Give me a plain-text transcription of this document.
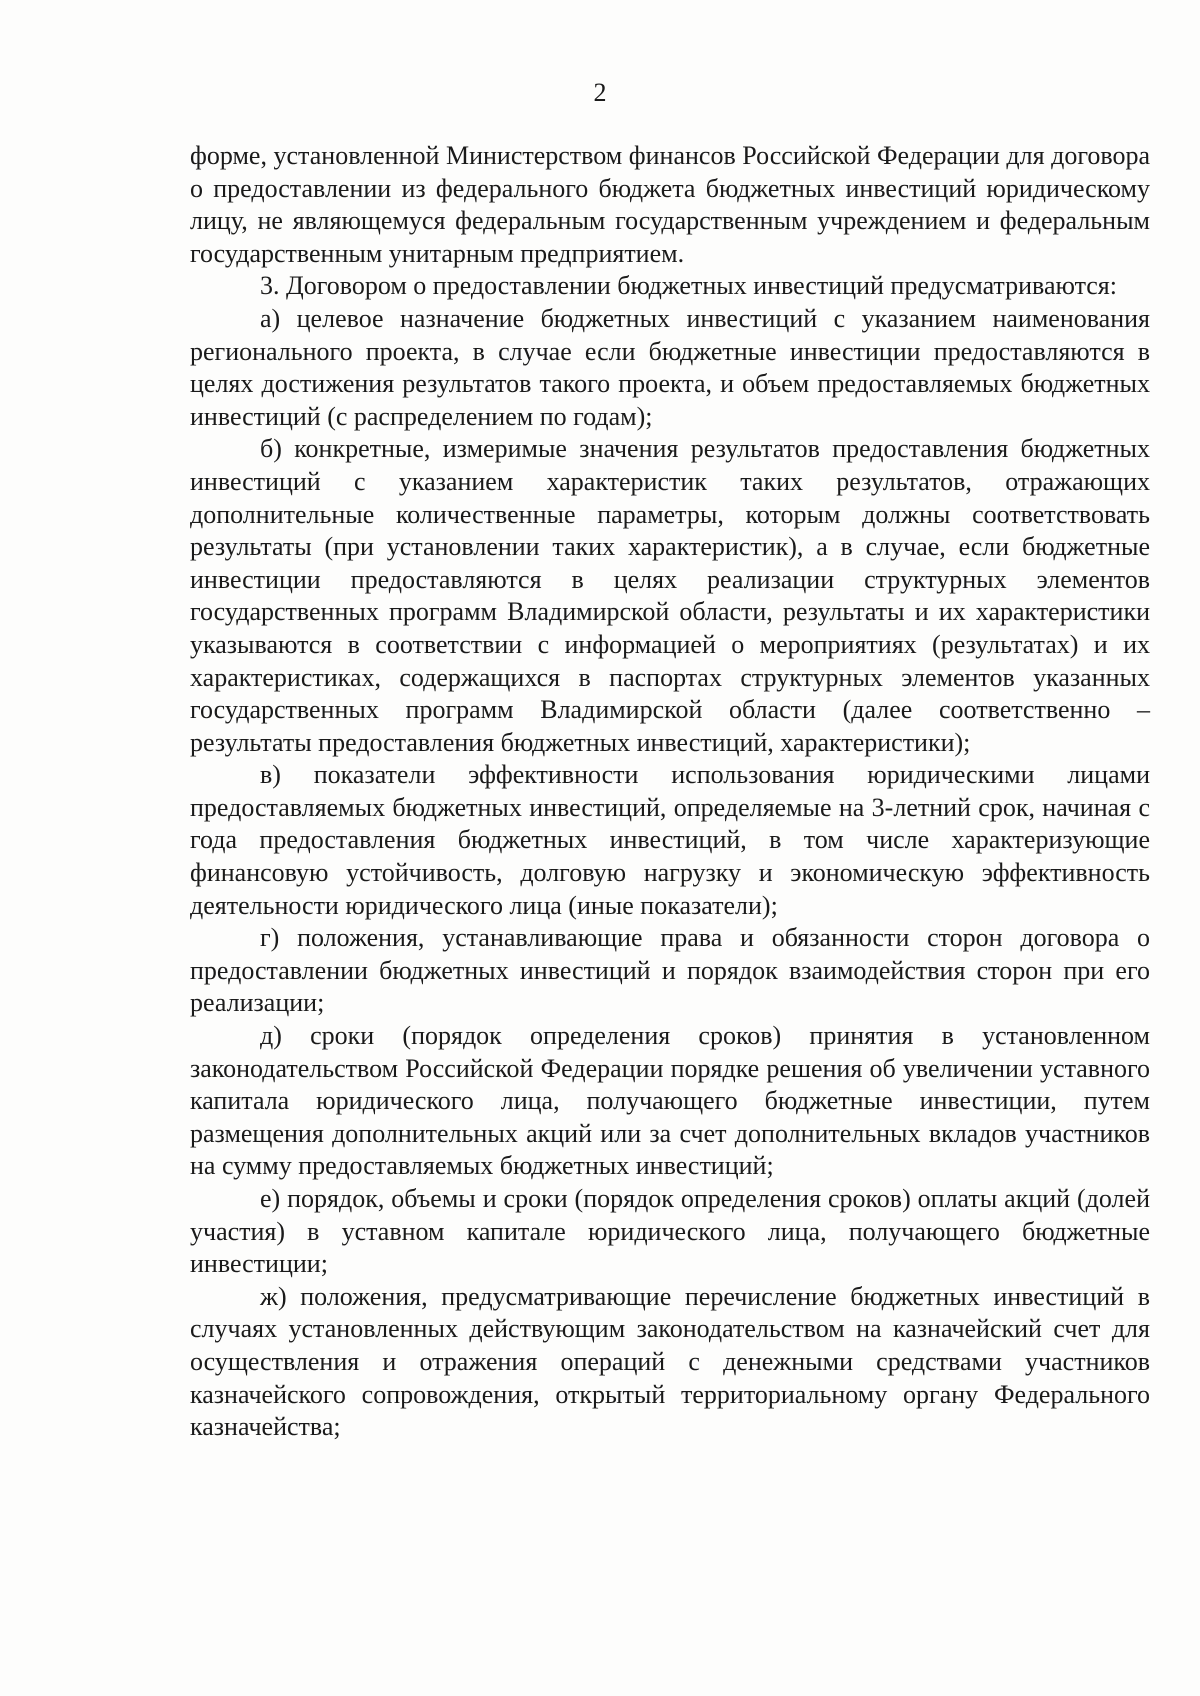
2

форме, установленной Министерством финансов Российской Федерации для договора о предоставлении из федерального бюджета бюджетных инвестиций юридическому лицу, не являющемуся федеральным государственным учреждением и федеральным государственным унитарным предприятием.

3. Договором о предоставлении бюджетных инвестиций предусматриваются:

а) целевое назначение бюджетных инвестиций с указанием наименования регионального проекта, в случае если бюджетные инвестиции предоставляются в целях достижения результатов такого проекта, и объем предоставляемых бюджетных инвестиций (с распределением по годам);

б) конкретные, измеримые значения результатов предоставления бюджетных инвестиций с указанием характеристик таких результатов, отражающих дополнительные количественные параметры, которым должны соответствовать результаты (при установлении таких характеристик), а в случае, если бюджетные инвестиции предоставляются в целях реализации структурных элементов государственных программ Владимирской области, результаты и их характеристики указываются в соответствии с информацией о мероприятиях (результатах) и их характеристиках, содержащихся в паспортах структурных элементов указанных государственных программ Владимирской области (далее соответственно – результаты предоставления бюджетных инвестиций, характеристики);

в) показатели эффективности использования юридическими лицами предоставляемых бюджетных инвестиций, определяемые на 3-летний срок, начиная с года предоставления бюджетных инвестиций, в том числе характеризующие финансовую устойчивость, долговую нагрузку и экономическую эффективность деятельности юридического лица (иные показатели);

г) положения, устанавливающие права и обязанности сторон договора о предоставлении бюджетных инвестиций и порядок взаимодействия сторон при его реализации;

д) сроки (порядок определения сроков) принятия в установленном законодательством Российской Федерации порядке решения об увеличении уставного капитала юридического лица, получающего бюджетные инвестиции, путем размещения дополнительных акций или за счет дополнительных вкладов участников на сумму предоставляемых бюджетных инвестиций;

е) порядок, объемы и сроки (порядок определения сроков) оплаты акций (долей участия) в уставном капитале юридического лица, получающего бюджетные инвестиции;

ж) положения, предусматривающие перечисление бюджетных инвестиций в случаях установленных действующим законодательством на казначейский счет для осуществления и отражения операций с денежными средствами участников казначейского сопровождения, открытый территориальному органу Федерального казначейства;
